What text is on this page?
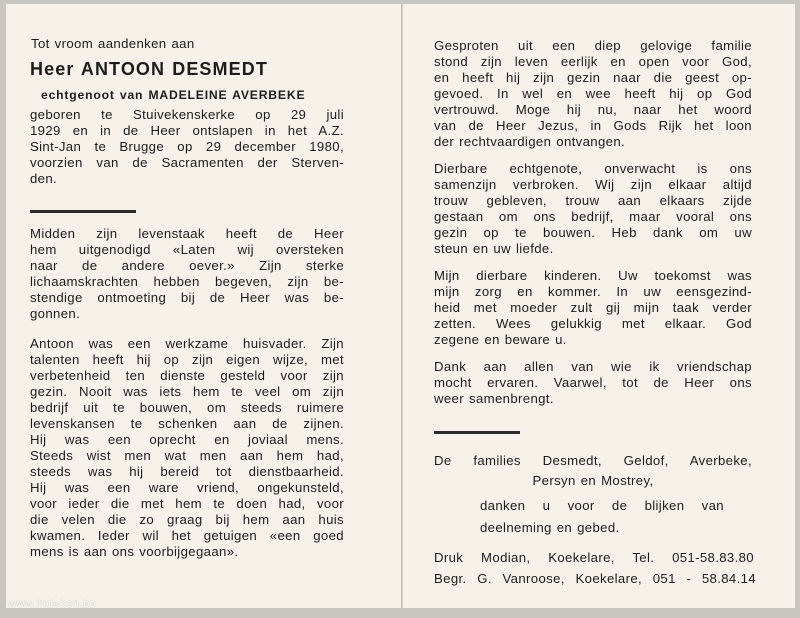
Tot vroom aandenken aan
Heer ANTOON DESMEDT
echtgenoot van MADELEINE AVERBEKE
geboren te Stuivekenskerke op 29 juli
1929 en in de Heer ontslapen in het A.Z.
Sint-Jan te Brugge op 29 december 1980,
voorzien van de Sacramenten der Sterven-
den.
Midden zijn levenstaak heeft de Heer
hem uitgenodigd «Laten wij oversteken
naar de andere oever.» Zijn sterke
lichaamskrachten hebben begeven, zijn be-
stendige ontmoeting bij de Heer was be-
gonnen.
Antoon was een werkzame huisvader. Zijn
talenten heeft hij op zijn eigen wijze, met
verbetenheid ten dienste gesteld voor zijn
gezin. Nooit was iets hem te veel om zijn
bedrijf uit te bouwen, om steeds ruimere
levenskansen te schenken aan de zijnen.
Hij was een oprecht en joviaal mens.
Steeds wist men wat men aan hem had,
steeds was hij bereid tot dienstbaarheid.
Hij was een ware vriend, ongekunsteld,
voor ieder die met hem te doen had, voor
die velen die zo graag bij hem aan huis
kwamen. Ieder wil het getuigen «een goed
mens is aan ons voorbijgegaan».
Gesproten uit een diep gelovige familie
stond zijn leven eerlijk en open voor God,
en heeft hij zijn gezin naar die geest op-
gevoed. In wel en wee heeft hij op God
vertrouwd. Moge hij nu, naar het woord
van de Heer Jezus, in Gods Rijk het loon
der rechtvaardigen ontvangen.
Dierbare echtgenote, onverwacht is ons
samenzijn verbroken. Wij zijn elkaar altijd
trouw gebleven, trouw aan elkaars zijde
gestaan om ons bedrijf, maar vooral ons
gezin op te bouwen. Heb dank om uw
steun en uw liefde.
Mijn dierbare kinderen. Uw toekomst was
mijn zorg en kommer. In uw eensgezind-
heid met moeder zult gij mijn taak verder
zetten. Wees gelukkig met elkaar. God
zegene en beware u.
Dank aan allen van wie ik vriendschap
mocht ervaren. Vaarwel, tot de Heer ons
weer samenbrengt.
De families Desmedt, Geldof, Averbeke,
Persyn en Mostrey,
danken u voor de blijken van
deelneming en gebed.
Druk Modian, Koekelare, Tel. 051-58.83.80
Begr. G. Vanroose, Koekelare, 051 - 58.84.14
www.indeken.be
